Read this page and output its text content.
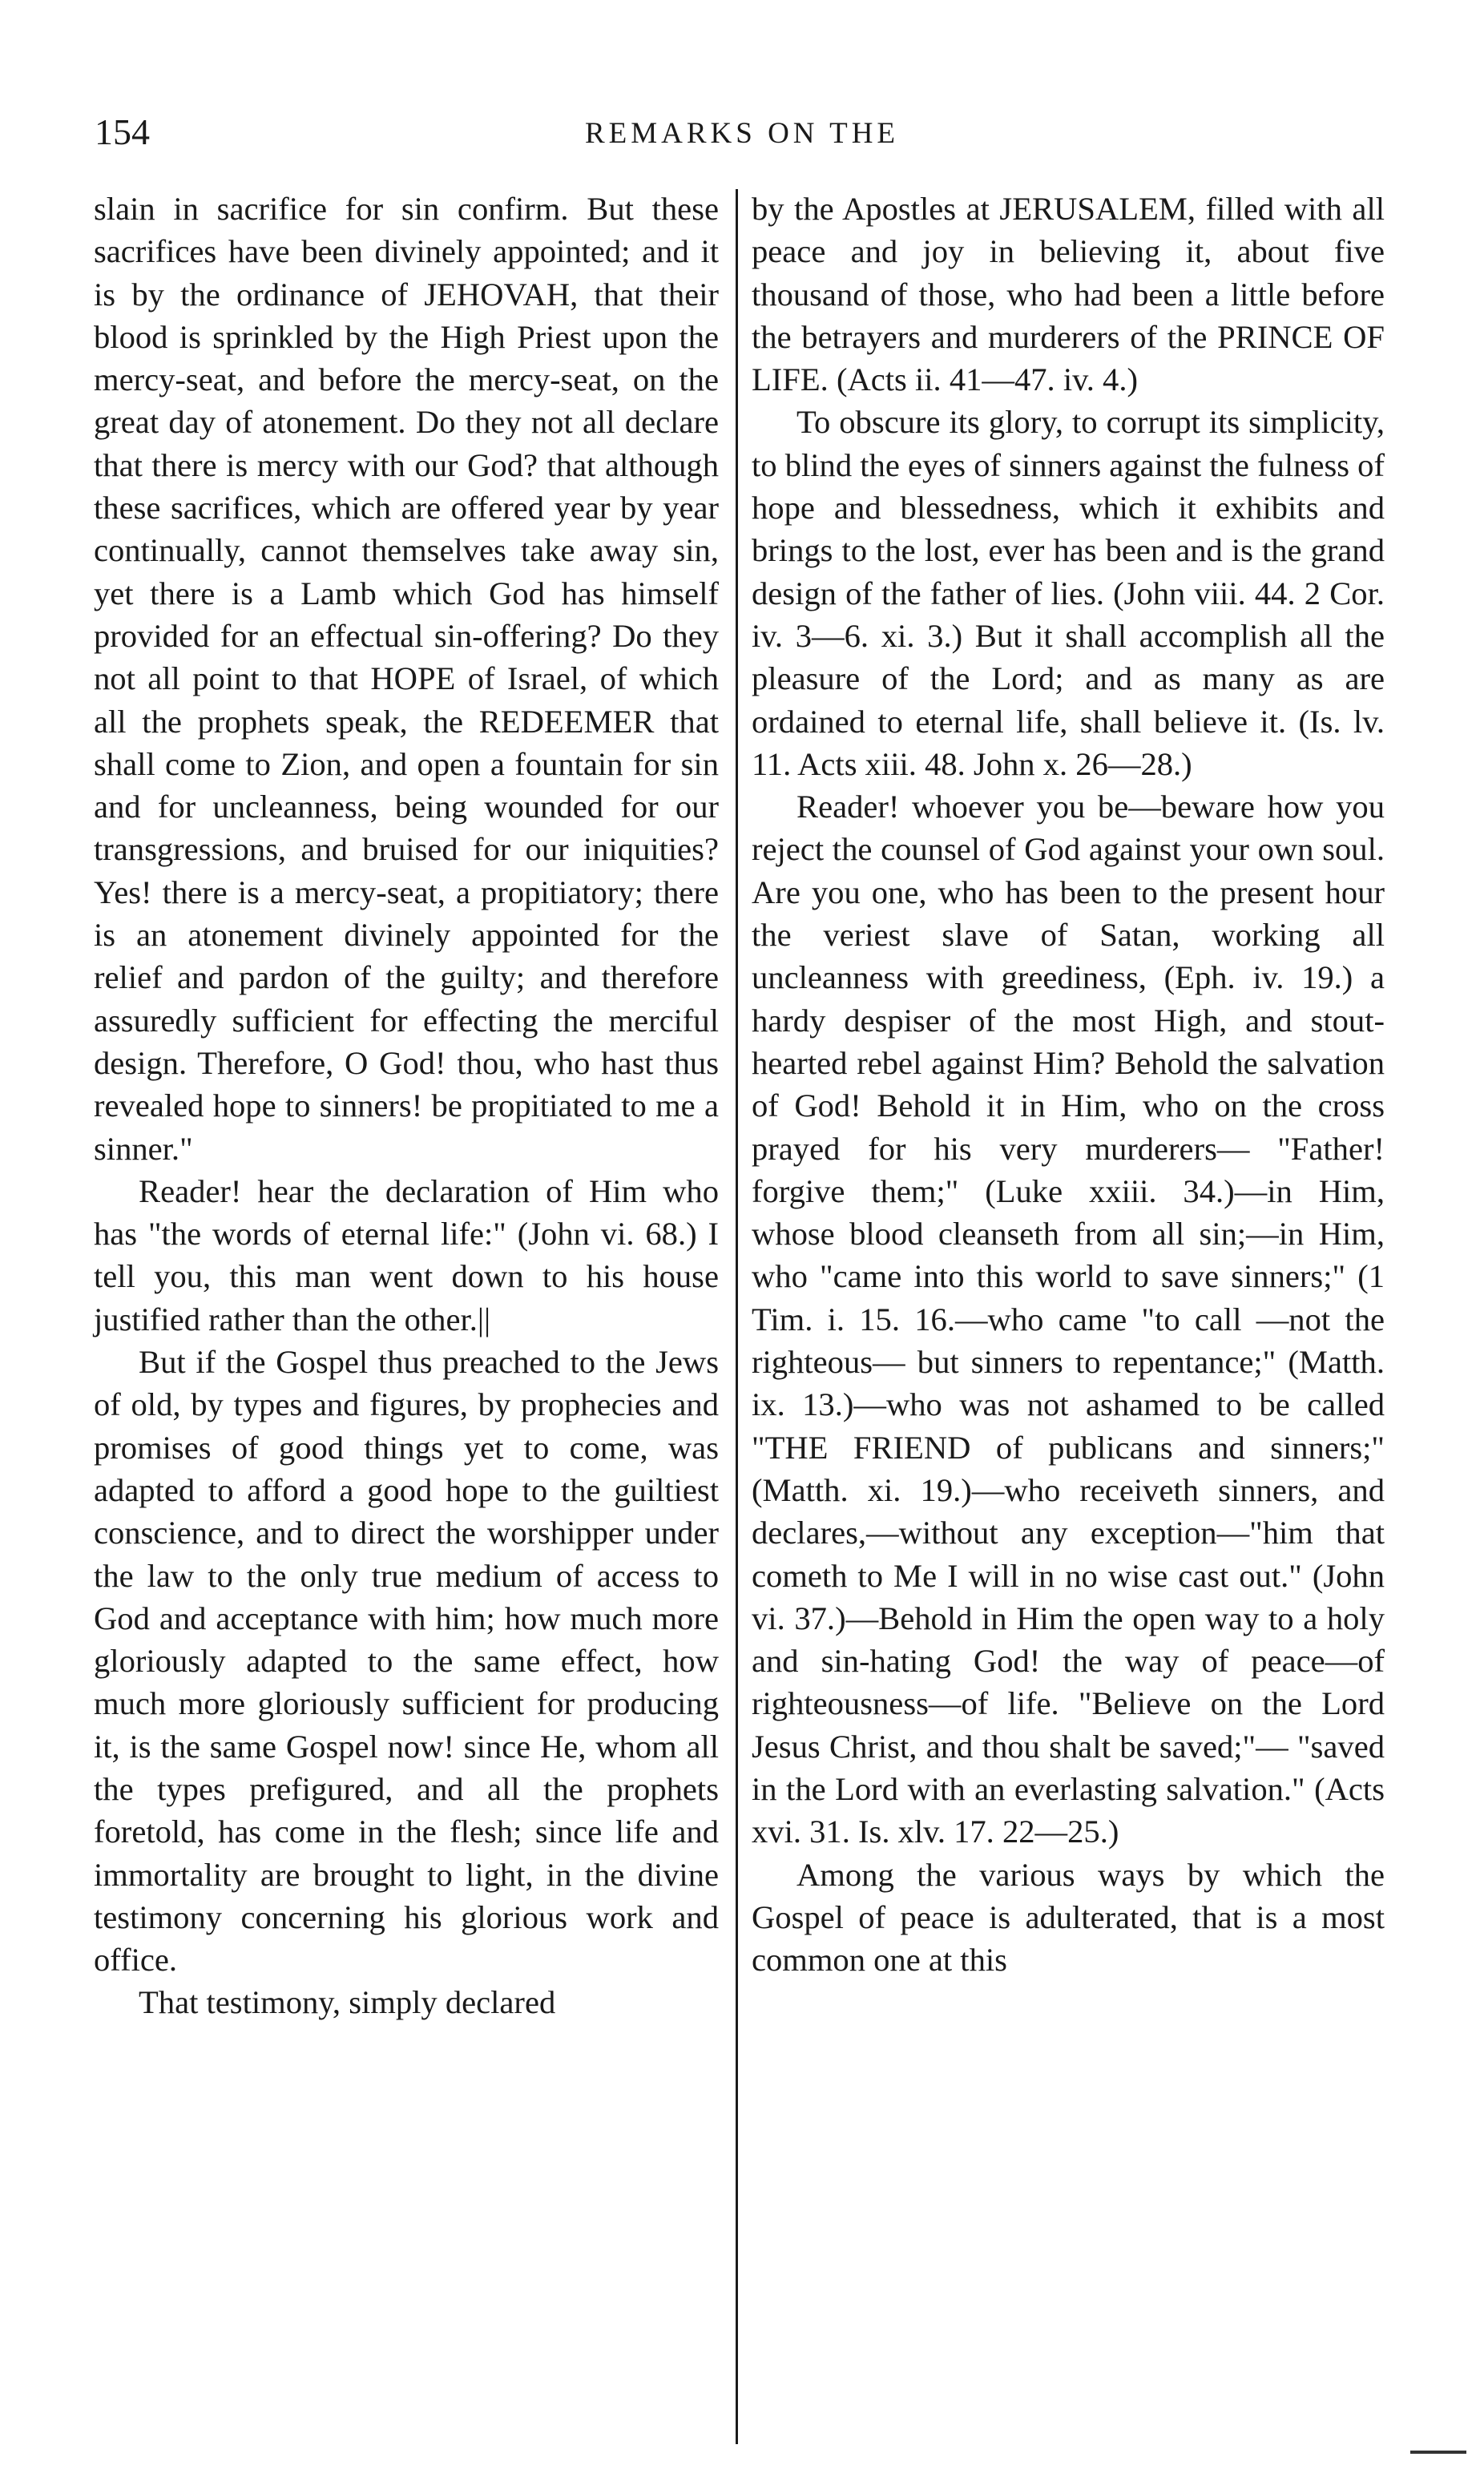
154	REMARKS ON THE

slain in sacrifice for sin confirm. But these sacrifices have been divinely appointed; and it is by the ordinance of JEHOVAH, that their blood is sprinkled by the High Priest upon the mercy-seat, and before the mercy-seat, on the great day of atonement. Do they not all declare that there is mercy with our God? that although these sacrifices, which are offered year by year continually, cannot themselves take away sin, yet there is a Lamb which God has himself provided for an effectual sin-offering? Do they not all point to that HOPE of Israel, of which all the prophets speak, the REDEEMER that shall come to Zion, and open a fountain for sin and for uncleanness, being wounded for our transgressions, and bruised for our iniquities? Yes! there is a mercy-seat, a propitiatory; there is an atonement divinely appointed for the relief and pardon of the guilty; and therefore assuredly sufficient for effecting the merciful design. Therefore, O God! thou, who hast thus revealed hope to sinners! be propitiated to me a sinner."

Reader! hear the declaration of Him who has "the words of eternal life:" (John vi. 68.) I tell you, this man went down to his house justified rather than the other.||

But if the Gospel thus preached to the Jews of old, by types and figures, by prophecies and promises of good things yet to come, was adapted to afford a good hope to the guiltiest conscience, and to direct the worshipper under the law to the only true medium of access to God and acceptance with him; how much more gloriously adapted to the same effect, how much more gloriously sufficient for producing it, is the same Gospel now! since He, whom all the types prefigured, and all the prophets foretold, has come in the flesh; since life and immortality are brought to light, in the divine testimony concerning his glorious work and office.

That testimony, simply declared

by the Apostles at JERUSALEM, filled with all peace and joy in believing it, about five thousand of those, who had been a little before the betrayers and murderers of the PRINCE OF LIFE. (Acts ii. 41—47. iv. 4.)

To obscure its glory, to corrupt its simplicity, to blind the eyes of sinners against the fulness of hope and blessedness, which it exhibits and brings to the lost, ever has been and is the grand design of the father of lies. (John viii. 44. 2 Cor. iv. 3—6. xi. 3.) But it shall accomplish all the pleasure of the Lord; and as many as are ordained to eternal life, shall believe it. (Is. lv. 11. Acts xiii. 48. John x. 26—28.)

Reader! whoever you be—beware how you reject the counsel of God against your own soul. Are you one, who has been to the present hour the veriest slave of Satan, working all uncleanness with greediness, (Eph. iv. 19.) a hardy despiser of the most High, and stout-hearted rebel against Him? Behold the salvation of God! Behold it in Him, who on the cross prayed for his very murderers— "Father! forgive them;" (Luke xxiii. 34.)—in Him, whose blood cleanseth from all sin;—in Him, who "came into this world to save sinners;" (1 Tim. i. 15. 16.—who came "to call —not the righteous— but sinners to repentance;" (Matth. ix. 13.)—who was not ashamed to be called "THE FRIEND of publicans and sinners;" (Matth. xi. 19.)—who receiveth sinners, and declares,—without any exception—"him that cometh to Me I will in no wise cast out." (John vi. 37.)—Behold in Him the open way to a holy and sin-hating God! the way of peace—of righteousness—of life. "Believe on the Lord Jesus Christ, and thou shalt be saved;"— "saved in the Lord with an everlasting salvation." (Acts xvi. 31. Is. xlv. 17. 22—25.)

Among the various ways by which the Gospel of peace is adulterated, that is a most common one at this
